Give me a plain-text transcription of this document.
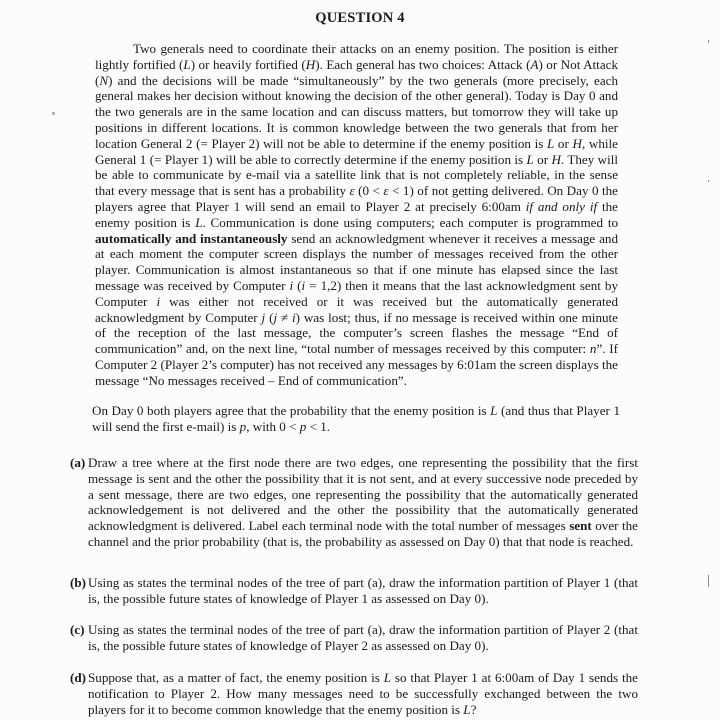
QUESTION 4

Two generals need to coordinate their attacks on an enemy position. The position is either lightly fortified (L) or heavily fortified (H). Each general has two choices: Attack (A) or Not Attack (N) and the decisions will be made “simultaneously” by the two generals (more precisely, each general makes her decision without knowing the decision of the other general). Today is Day 0 and the two generals are in the same location and can discuss matters, but tomorrow they will take up positions in different locations. It is common knowledge between the two generals that from her location General 2 (= Player 2) will not be able to determine if the enemy position is L or H, while General 1 (= Player 1) will be able to correctly determine if the enemy position is L or H. They will be able to communicate by e-mail via a satellite link that is not completely reliable, in the sense that every message that is sent has a probability ε (0 < ε < 1) of not getting delivered. On Day 0 the players agree that Player 1 will send an email to Player 2 at precisely 6:00am if and only if the enemy position is L. Communication is done using computers; each computer is programmed to automatically and instantaneously send an acknowledgment whenever it receives a message and at each moment the computer screen displays the number of messages received from the other player. Communication is almost instantaneous so that if one minute has elapsed since the last message was received by Computer i (i = 1,2) then it means that the last acknowledgment sent by Computer i was either not received or it was received but the automatically generated acknowledgment by Computer j (j ≠ i) was lost; thus, if no message is received within one minute of the reception of the last message, the computer’s screen flashes the message “End of communication” and, on the next line, “total number of messages received by this computer: n”. If Computer 2 (Player 2’s computer) has not received any messages by 6:01am the screen displays the message “No messages received – End of communication”.

On Day 0 both players agree that the probability that the enemy position is L (and thus that Player 1 will send the first e-mail) is p, with 0 < p < 1.

(a) Draw a tree where at the first node there are two edges, one representing the possibility that the first message is sent and the other the possibility that it is not sent, and at every successive node preceded by a sent message, there are two edges, one representing the possibility that the automatically generated acknowledgement is not delivered and the other the possibility that the automatically generated acknowledgment is delivered. Label each terminal node with the total number of messages sent over the channel and the prior probability (that is, the probability as assessed on Day 0) that that node is reached.
(b) Using as states the terminal nodes of the tree of part (a), draw the information partition of Player 1 (that is, the possible future states of knowledge of Player 1 as assessed on Day 0).
(c) Using as states the terminal nodes of the tree of part (a), draw the information partition of Player 2 (that is, the possible future states of knowledge of Player 2 as assessed on Day 0).
(d) Suppose that, as a matter of fact, the enemy position is L so that Player 1 at 6:00am of Day 1 sends the notification to Player 2. How many messages need to be successfully exchanged between the two players for it to become common knowledge that the enemy position is L?
